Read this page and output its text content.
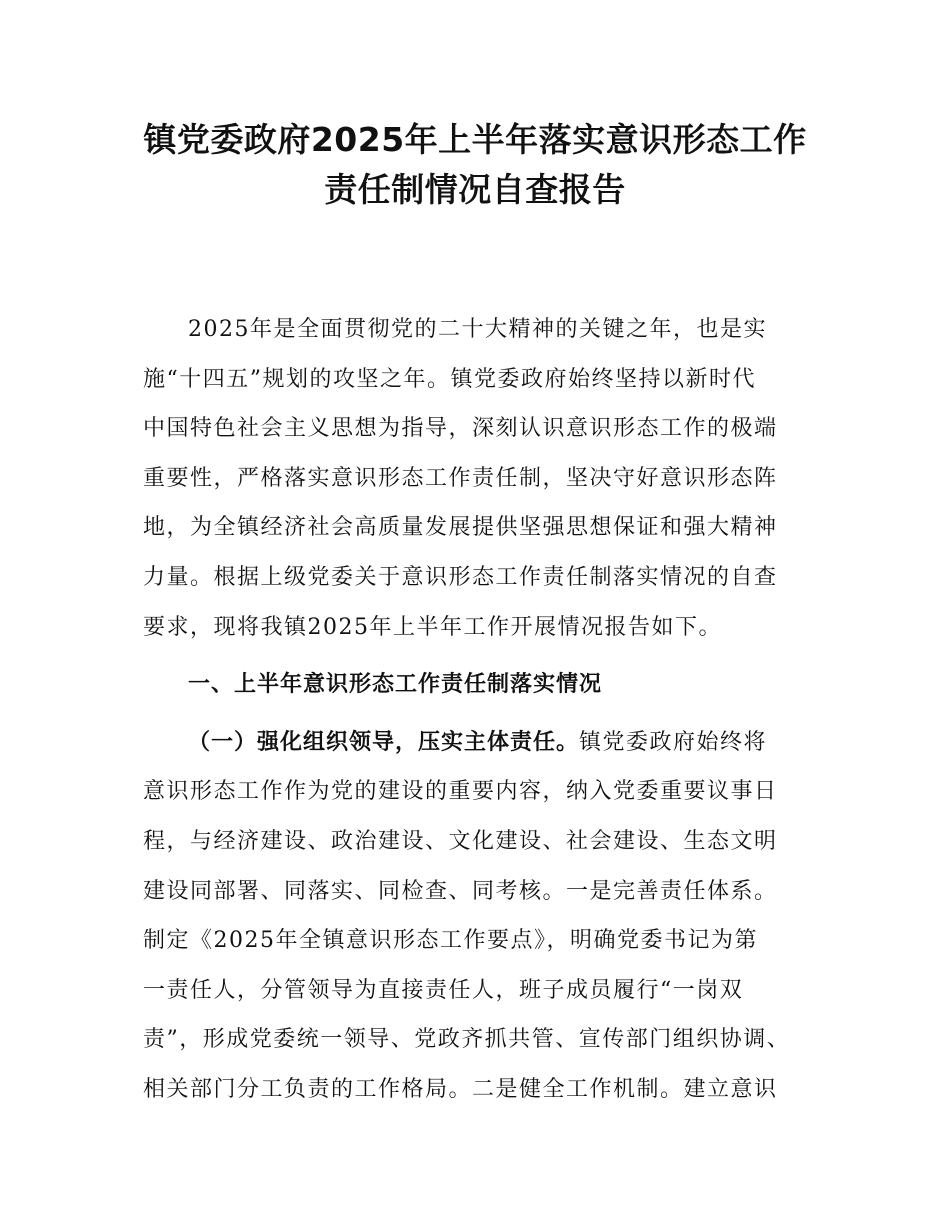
镇党委政府2025年上半年落实意识形态工作
责任制情况自查报告
2025年是全面贯彻党的二十大精神的关键之年，也是实
施“十四五”规划的攻坚之年。镇党委政府始终坚持以新时代
中国特色社会主义思想为指导，深刻认识意识形态工作的极端
重要性，严格落实意识形态工作责任制，坚决守好意识形态阵
地，为全镇经济社会高质量发展提供坚强思想保证和强大精神
力量。根据上级党委关于意识形态工作责任制落实情况的自查
要求，现将我镇2025年上半年工作开展情况报告如下。
一、上半年意识形态工作责任制落实情况
（一）强化组织领导，压实主体责任。镇党委政府始终将
意识形态工作作为党的建设的重要内容，纳入党委重要议事日
程，与经济建设、政治建设、文化建设、社会建设、生态文明
建设同部署、同落实、同检查、同考核。一是完善责任体系。
制定《2025年全镇意识形态工作要点》，明确党委书记为第
一责任人，分管领导为直接责任人，班子成员履行“一岗双
责”，形成党委统一领导、党政齐抓共管、宣传部门组织协调、
相关部门分工负责的工作格局。二是健全工作机制。建立意识
